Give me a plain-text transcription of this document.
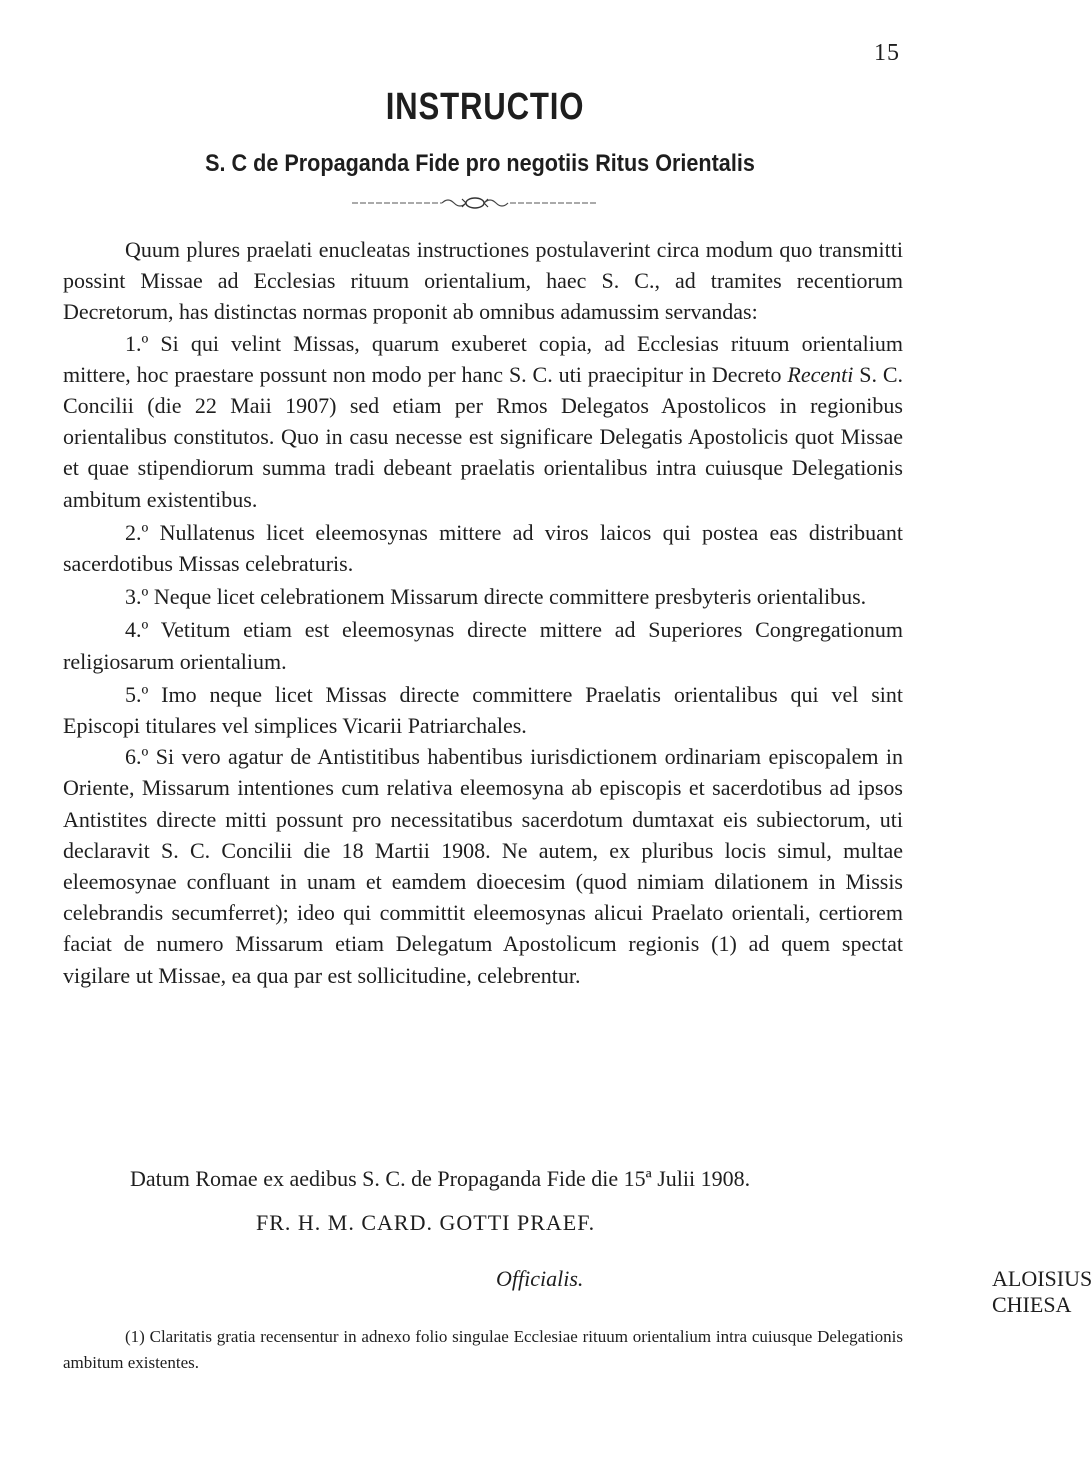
15
INSTRUCTIO
S. C de Propaganda Fide pro negotiis Ritus Orientalis

Quum plures praelati enucleatas instructiones postulaverint circa modum quo transmitti possint Missae ad Ecclesias rituum orientalium, haec S. C., ad tramites recentiorum Decretorum, has distinctas normas proponit ab omnibus adamussim servandas:

1.º Si qui velint Missas, quarum exuberet copia, ad Ecclesias rituum orientalium mittere, hoc praestare possunt non modo per hanc S. C. uti praecipitur in Decreto Recenti S. C. Concilii (die 22 Maii 1907) sed etiam per Rmos Delegatos Apostolicos in regionibus orientalibus constitutos. Quo in casu necesse est significare Delegatis Apostolicis quot Missae et quae stipendiorum summa tradi debeant praelatis orientalibus intra cuiusque Delegationis ambitum existentibus.

2.º Nullatenus licet eleemosynas mittere ad viros laicos qui postea eas distribuant sacerdotibus Missas celebraturis.

3.º Neque licet celebrationem Missarum directe committere presbyteris orientalibus.

4.º Vetitum etiam est eleemosynas directe mittere ad Superiores Congregationum religiosarum orientalium.

5.º Imo neque licet Missas directe committere Praelatis orientalibus qui vel sint Episcopi titulares vel simplices Vicarii Patriarchales.

6.º Si vero agatur de Antistitibus habentibus iurisdictionem ordinariam episcopalem in Oriente, Missarum intentiones cum relativa eleemosyna ab episcopis et sacerdotibus ad ipsos Antistites directe mitti possunt pro necessitatibus sacerdotum dumtaxat eis subiectorum, uti declaravit S. C. Concilii die 18 Martii 1908. Ne autem, ex pluribus locis simul, multae eleemosynae confluant in unam et eamdem dioecesim (quod nimiam dilationem in Missis celebrandis secumferret); ideo qui committit eleemosynas alicui Praelato orientali, certiorem faciat de numero Missarum etiam Delegatum Apostolicum regionis (1) ad quem spectat vigilare ut Missae, ea qua par est sollicitudine, celebrentur.

Datum Romae ex aedibus S. C. de Propaganda Fide die 15ª Julii 1908.
FR. H. M. CARD. GOTTI PRAEF.
ALOISIUS CHIESA
Officialis.
(1) Claritatis gratia recensentur in adnexo folio singulae Ecclesiae rituum orientalium intra cuiusque Delegationis ambitum existentes.
